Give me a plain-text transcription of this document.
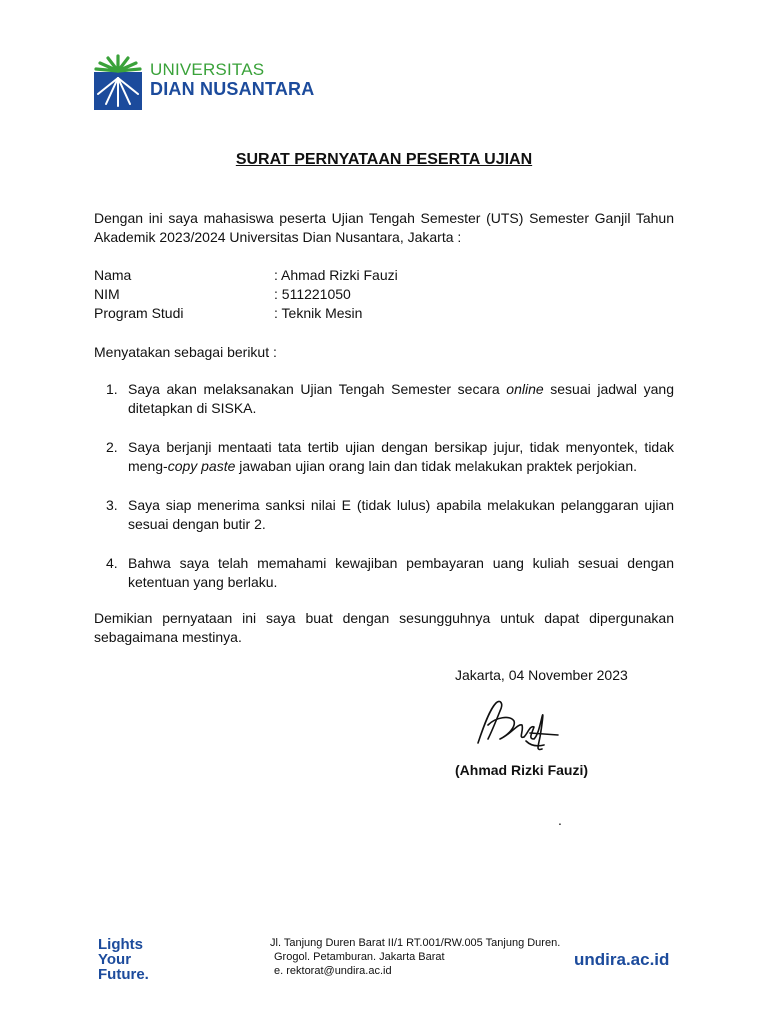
UNIVERSITAS
DIAN NUSANTARA
SURAT PERNYATAAN PESERTA UJIAN
Dengan ini saya mahasiswa peserta Ujian Tengah Semester (UTS) Semester Ganjil Tahun Akademik 2023/2024 Universitas Dian Nusantara, Jakarta :
Nama	: Ahmad Rizki Fauzi
NIM	: 511221050
Program Studi	: Teknik Mesin
Menyatakan sebagai berikut :
1. Saya akan melaksanakan Ujian Tengah Semester secara online sesuai jadwal yang ditetapkan di SISKA.
2. Saya berjanji mentaati tata tertib ujian dengan bersikap jujur, tidak menyontek, tidak meng-copy paste jawaban ujian orang lain dan tidak melakukan praktek perjokian.
3. Saya siap menerima sanksi nilai E (tidak lulus) apabila melakukan pelanggaran ujian sesuai dengan butir 2.
4. Bahwa saya telah memahami kewajiban pembayaran uang kuliah sesuai dengan ketentuan yang berlaku.
Demikian pernyataan ini saya buat dengan sesungguhnya untuk dapat dipergunakan sebagaimana mestinya.
Jakarta, 04 November 2023
(Ahmad Rizki Fauzi)
.
Lights
Your
Future.
Jl. Tanjung Duren Barat II/1 RT.001/RW.005 Tanjung Duren.
Grogol. Petamburan. Jakarta Barat
e. rektorat@undira.ac.id
undira.ac.id
